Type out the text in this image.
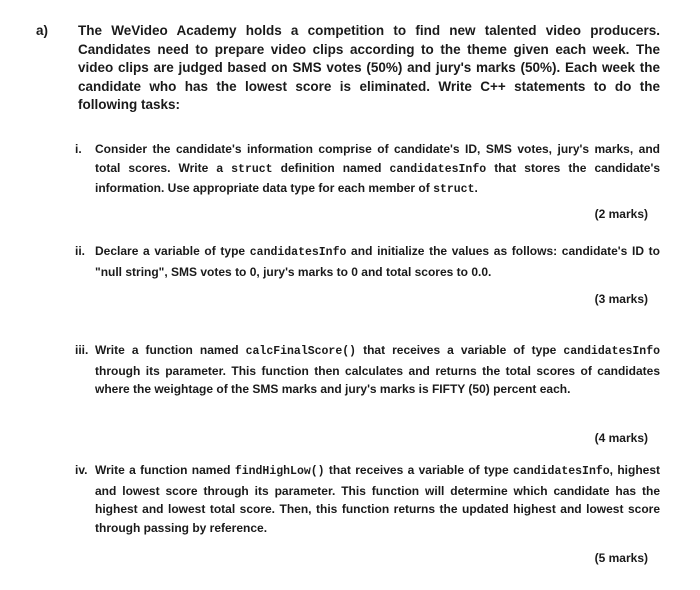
a) The WeVideo Academy holds a competition to find new talented video producers. Candidates need to prepare video clips according to the theme given each week. The video clips are judged based on SMS votes (50%) and jury's marks (50%). Each week the candidate who has the lowest score is eliminated. Write C++ statements to do the following tasks:
i.	Consider the candidate's information comprise of candidate's ID, SMS votes, jury's marks, and total scores. Write a struct definition named candidatesInfo that stores the candidate's information. Use appropriate data type for each member of struct.
(2 marks)
ii. Declare a variable of type candidatesInfo and initialize the values as follows: candidate's ID to "null string", SMS votes to 0, jury's marks to 0 and total scores to 0.0.
(3 marks)
iii. Write a function named calcFinalScore() that receives a variable of type candidatesInfo through its parameter. This function then calculates and returns the total scores of candidates where the weightage of the SMS marks and jury's marks is FIFTY (50) percent each.
(4 marks)
iv. Write a function named findHighLow() that receives a variable of type candidatesInfo, highest and lowest score through its parameter. This function will determine which candidate has the highest and lowest total score. Then, this function returns the updated highest and lowest score through passing by reference.
(5 marks)
